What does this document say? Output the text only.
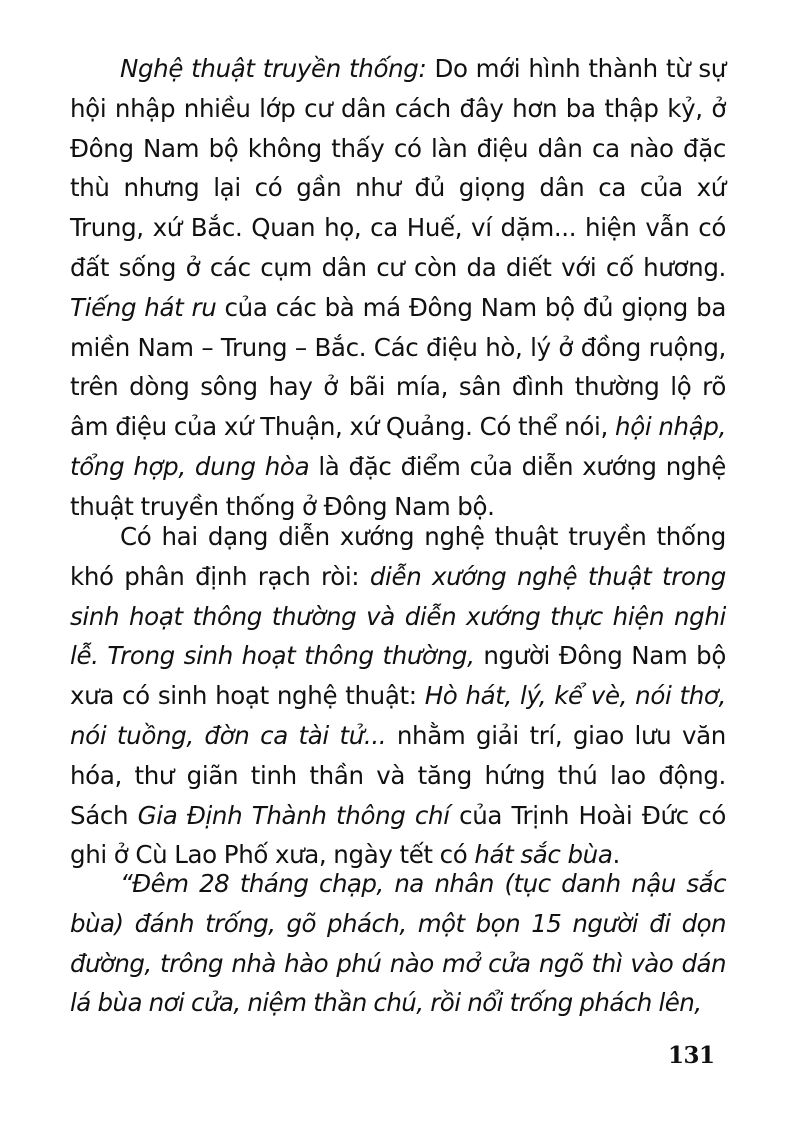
Nghệ thuật truyền thống: Do mới hình thành từ sự hội nhập nhiều lớp cư dân cách đây hơn ba thập kỷ, ở Đông Nam bộ không thấy có làn điệu dân ca nào đặc thù nhưng lại có gần như đủ giọng dân ca của xứ Trung, xứ Bắc. Quan họ, ca Huế, ví dặm... hiện vẫn có đất sống ở các cụm dân cư còn da diết với cố hương. Tiếng hát ru của các bà má Đông Nam bộ đủ giọng ba miền Nam – Trung – Bắc. Các điệu hò, lý ở đồng ruộng, trên dòng sông hay ở bãi mía, sân đình thường lộ rõ âm điệu của xứ Thuận, xứ Quảng. Có thể nói, hội nhập, tổng hợp, dung hòa là đặc điểm của diễn xướng nghệ thuật truyền thống ở Đông Nam bộ.

Có hai dạng diễn xướng nghệ thuật truyền thống khó phân định rạch ròi: diễn xướng nghệ thuật trong sinh hoạt thông thường và diễn xướng thực hiện nghi lễ. Trong sinh hoạt thông thường, người Đông Nam bộ xưa có sinh hoạt nghệ thuật: Hò hát, lý, kể vè, nói thơ, nói tuồng, đờn ca tài tử... nhằm giải trí, giao lưu văn hóa, thư giãn tinh thần và tăng hứng thú lao động. Sách Gia Định Thành thông chí của Trịnh Hoài Đức có ghi ở Cù Lao Phố xưa, ngày tết có hát sắc bùa.

“Đêm 28 tháng chạp, na nhân (tục danh nậu sắc bùa) đánh trống, gõ phách, một bọn 15 người đi dọn đường, trông nhà hào phú nào mở cửa ngõ thì vào dán lá bùa nơi cửa, niệm thần chú, rồi nổi trống phách lên,

131
